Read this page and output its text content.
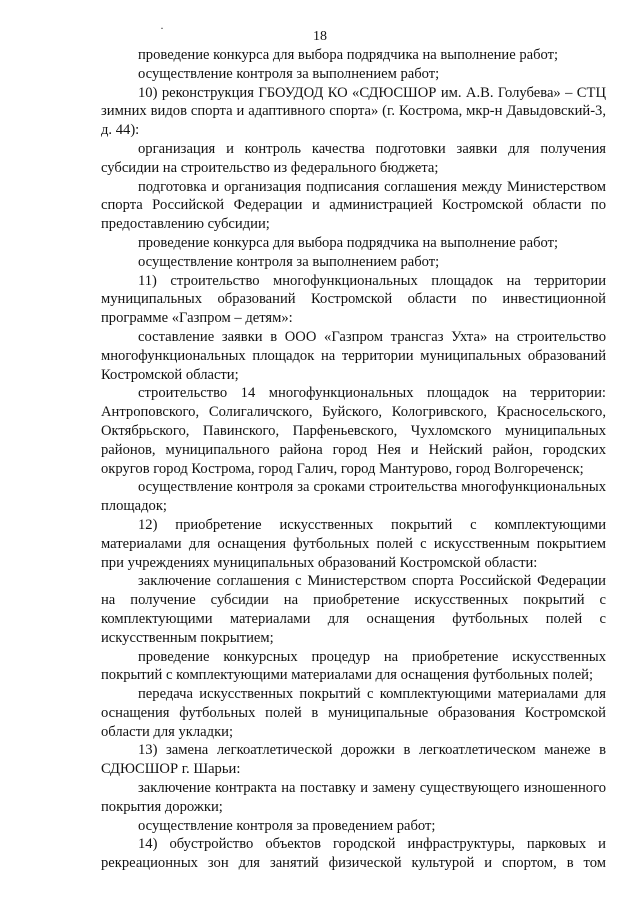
·
18

проведение конкурса для выбора подрядчика на выполнение работ;

осуществление контроля за выполнением работ;

10) реконструкция ГБОУДОД КО «СДЮСШОР им. А.В. Голубева» – СТЦ зимних видов спорта и адаптивного спорта» (г. Кострома, мкр-н Давыдовский-3, д. 44):

организация и контроль качества подготовки заявки для получения субсидии на строительство из федерального бюджета;

подготовка и организация подписания соглашения между Министерством спорта Российской Федерации и администрацией Костромской области по предоставлению субсидии;

проведение конкурса для выбора подрядчика на выполнение работ;

осуществление контроля за выполнением работ;

11) строительство многофункциональных площадок на территории муниципальных образований Костромской области по инвестиционной программе «Газпром – детям»:

составление заявки в ООО «Газпром трансгаз Ухта» на строительство многофункциональных площадок на территории муниципальных образований Костромской области;

строительство 14 многофункциональных площадок на территории: Антроповского, Солигаличского, Буйского, Кологривского, Красносельского, Октябрьского, Павинского, Парфеньевского, Чухломского муниципальных районов, муниципального района город Нея и Нейский район, городских округов город Кострома, город Галич, город Мантурово, город Волгореченск;

осуществление контроля за сроками строительства многофункциональных площадок;

12) приобретение искусственных покрытий с комплектующими материалами для оснащения футбольных полей с искусственным покрытием при учреждениях муниципальных образований Костромской области:

заключение соглашения с Министерством спорта Российской Федерации на получение субсидии на приобретение искусственных покрытий с комплектующими материалами для оснащения футбольных полей с искусственным покрытием;

проведение конкурсных процедур на приобретение искусственных покрытий с комплектующими материалами для оснащения футбольных полей;

передача искусственных покрытий с комплектующими материалами для оснащения футбольных полей в муниципальные образования Костромской области для укладки;

13) замена легкоатлетической дорожки в легкоатлетическом манеже в СДЮСШОР г. Шарьи:

заключение контракта на поставку и замену существующего изношенного покрытия дорожки;

осуществление контроля за проведением работ;

14) обустройство объектов городской инфраструктуры, парковых и рекреационных зон для занятий физической культурой и спортом, в том
